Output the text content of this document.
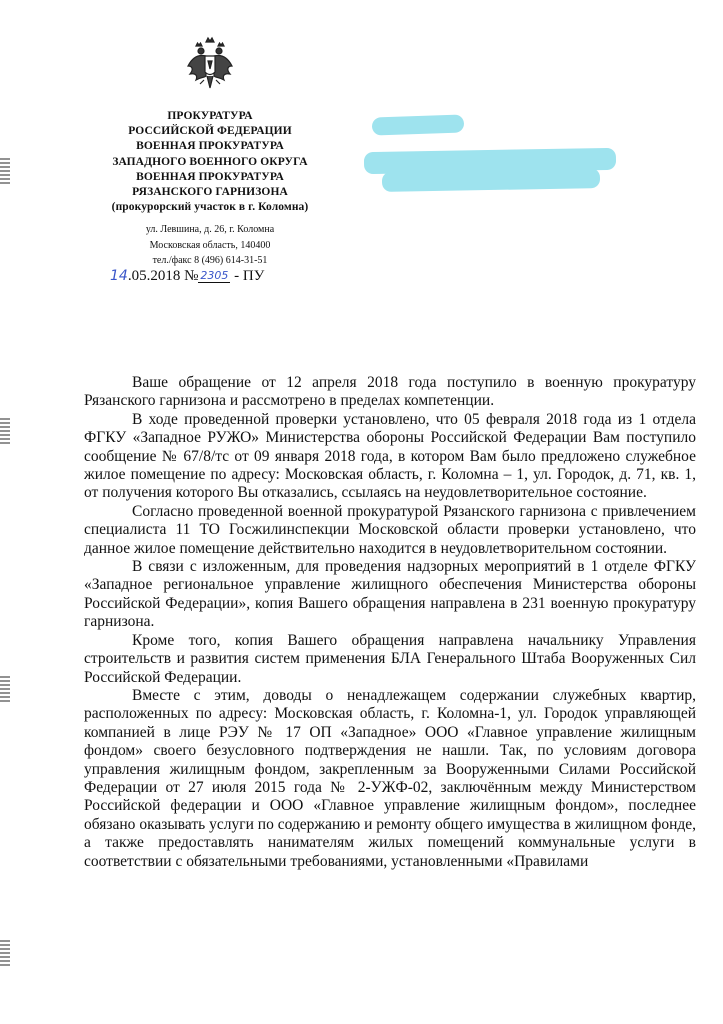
ПРОКУРАТУРА
РОССИЙСКОЙ ФЕДЕРАЦИИ
ВОЕННАЯ ПРОКУРАТУРА
ЗАПАДНОГО ВОЕННОГО ОКРУГА
ВОЕННАЯ ПРОКУРАТУРА
РЯЗАНСКОГО ГАРНИЗОНА
(прокурорский участок в г. Коломна)
ул. Левшина, д. 26, г. Коломна
Московская область, 140400
тел./факс 8 (496) 614-31-51
14.05.2018 № 2305 - ПУ

Ваше обращение от 12 апреля 2018 года поступило в военную прокуратуру Рязанского гарнизона и рассмотрено в пределах компетенции.

В ходе проведенной проверки установлено, что 05 февраля 2018 года из 1 отдела ФГКУ «Западное РУЖО» Министерства обороны Российской Федерации Вам поступило сообщение № 67/8/тс от 09 января 2018 года, в котором Вам было предложено служебное жилое помещение по адресу: Московская область, г. Коломна – 1, ул. Городок, д. 71, кв. 1, от получения которого Вы отказались, ссылаясь на неудовлетворительное состояние.

Согласно проведенной военной прокуратурой Рязанского гарнизона с привлечением специалиста 11 ТО Госжилинспекции Московской области проверки установлено, что данное жилое помещение действительно находится в неудовлетворительном состоянии.

В связи с изложенным, для проведения надзорных мероприятий в 1 отделе ФГКУ «Западное региональное управление жилищного обеспечения Министерства обороны Российской Федерации», копия Вашего обращения направлена в 231 военную прокуратуру гарнизона.

Кроме того, копия Вашего обращения направлена начальнику Управления строительств и развития систем применения БЛА Генерального Штаба Вооруженных Сил Российской Федерации.

Вместе с этим, доводы о ненадлежащем содержании служебных квартир, расположенных по адресу: Московская область, г. Коломна-1, ул. Городок управляющей компанией в лице РЭУ № 17 ОП «Западное» ООО «Главное управление жилищным фондом» своего безусловного подтверждения не нашли. Так, по условиям договора управления жилищным фондом, закрепленным за Вооруженными Силами Российской Федерации от 27 июля 2015 года № 2-УЖФ-02, заключённым между Министерством Российской федерации и ООО «Главное управление жилищным фондом», последнее обязано оказывать услуги по содержанию и ремонту общего имущества в жилищном фонде, а также предоставлять нанимателям жилых помещений коммунальные услуги в соответствии с обязательными требованиями, установленными «Правилами
